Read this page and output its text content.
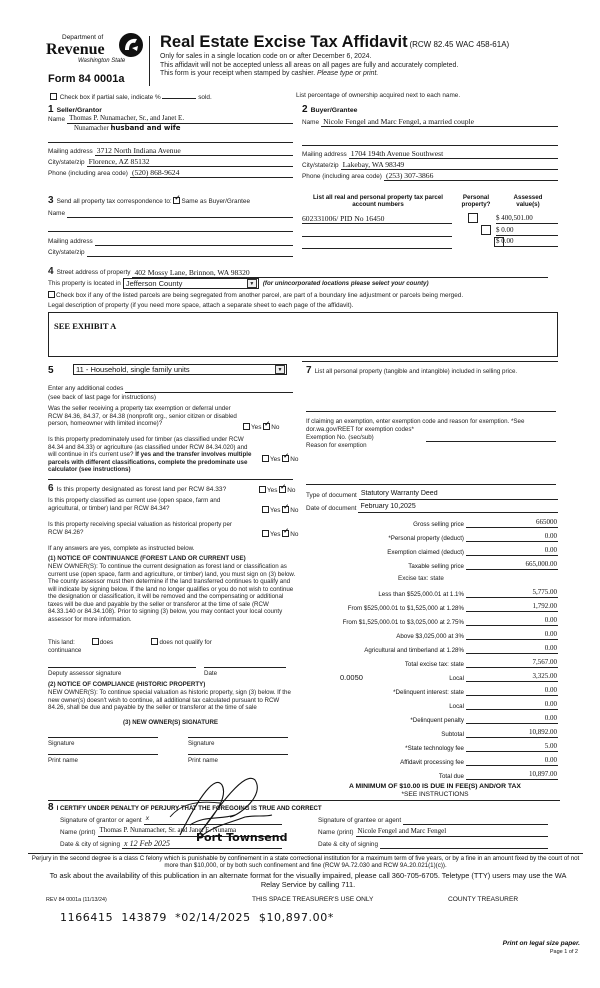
Department of
Revenue
Washington State
Form 84 0001a
Real Estate Excise Tax Affidavit (RCW 82.45 WAC 458-61A)
Only for sales in a single location code on or after December 6, 2024.
This affidavit will not be accepted unless all areas on all pages are fully and accurately completed.
This form is your receipt when stamped by cashier. Please type or print.
Check box if partial sale, indicate %	sold.	List percentage of ownership acquired next to each name.
1 Seller/Grantor
Name Thomas P. Nunamacher, Sr., and Janet E.
Nunamacher husband and wife
Mailing address 3712 North Indiana Avenue
City/state/zip Florence, AZ 85132
Phone (including area code) (520) 868-9624
2 Buyer/Grantee
Name Nicole Fengel and Marc Fengel, a married couple
Mailing address 1704 194th Avenue Southwest
City/state/zip Lakebay, WA 98349
Phone (including area code) (253) 307-3866
3 Send all property tax correspondence to: ✓ Same as Buyer/Grantee
Name
Mailing address
City/state/zip
List all real and personal property tax parcel account numbers
Personal property?
Assessed value(s)
602331006/ PID No 16450
	$ 400,501.00

$ 0.00
$ 0.00
4 Street address of property 402 Mossy Lane, Brinnon, WA 98320
This property is located in Jefferson County	▼	(for unincorporated locations please select your county)
Check box if any of the listed parcels are being segregated from another parcel, are part of a boundary line adjustment or parcels being merged.
Legal description of property (if you need more space, attach a separate sheet to each page of the affidavit).
SEE EXHIBIT A
5	11 - Household, single family units	▼
Enter any additional codes
(see back of last page for instructions)
Was the seller receiving a property tax exemption or deferral under RCW 84.36, 84.37, or 84.38 (nonprofit org., senior citizen or disabled person, homeowner with limited income)?
Yes ✓ No
Is this property predominately used for timber (as classified under RCW 84.34 and 84.33) or agriculture (as classified under RCW 84.34.020) and will continue in it's current use? If yes and the transfer involves multiple parcels with different classifications, complete the predominate use calculator (see instructions)
Yes ✓ No
6 Is this property designated as forest land per RCW 84.33?	Yes ✓ No
Is this property classified as current use (open space, farm and agricultural, or timber) land per RCW 84.34?	Yes ✓ No
Is this property receiving special valuation as historical property per RCW 84.26?	Yes ✓ No
If any answers are yes, complete as instructed below.
(1) NOTICE OF CONTINUANCE (FOREST LAND OR CURRENT USE)
NEW OWNER(S): To continue the current designation as forest land or classification as current use (open space, farm and agriculture, or timber) land, you must sign on (3) below. The county assessor must then determine if the land transferred continues to qualify and will indicate by signing below. If the land no longer qualifies or you do not wish to continue the designation or classification, it will be removed and the compensating or additional taxes will be due and payable by the seller or transferor at the time of sale (RCW 84.33.140 or 84.34.108). Prior to signing (3) below, you may contact your local county assessor for more information.
This land:	does	does not qualify for
continuance
Deputy assessor signature	Date
(2) NOTICE OF COMPLIANCE (HISTORIC PROPERTY)
NEW OWNER(S): To continue special valuation as historic property, sign (3) below. If the new owner(s) doesn't wish to continue, all additional tax calculated pursuant to RCW 84.26, shall be due and payable by the seller or transferor at the time of sale
(3) NEW OWNER(S) SIGNATURE
Signature	Signature
Print name	Print name
7 List all personal property (tangible and intangible) included in selling price.
If claiming an exemption, enter exemption code and reason for exemption. *See dor.wa.gov/REET for exemption codes*
Exemption No. (sec/sub)
Reason for exemption
Type of document Statutory Warranty Deed
Date of document February 10,2025
Gross selling price	665000
*Personal property (deduct)	0.00
Exemption claimed (deduct)	0.00
Taxable selling price	665,000.00
Excise tax: state
Less than $525,000.01 at 1.1%	5,775.00
From $525,000.01 to $1,525,000 at 1.28%	1,792.00
From $1,525,000.01 to $3,025,000 at 2.75%	0.00
Above $3,025,000 at 3%	0.00
Agricultural and timberland at 1.28%	0.00
Total excise tax: state	7,567.00
0.0050	Local	3,325.00
*Delinquent interest: state	0.00
Local	0.00
*Delinquent penalty	0.00
Subtotal	10,892.00
*State technology fee	5.00
Affidavit processing fee	0.00
Total due	10,897.00
A MINIMUM OF $10.00 IS DUE IN FEE(S) AND/OR TAX
*SEE INSTRUCTIONS
8 I CERTIFY UNDER PENALTY OF PERJURY THAT THE FOREGOING IS TRUE AND CORRECT
Signature of grantor or agent x
Name (print) Thomas P. Nunamacher, Sr. and Janet E. Nunama
Date & city of signing x 12 Feb 2025	Port Townsend
Signature of grantee or agent
Name (print) Nicole Fengel and Marc Fengel
Date & city of signing
Perjury in the second degree is a class C felony which is punishable by confinement in a state correctional institution for a maximum term of five years, or by a fine in an amount fixed by the court of not more than $10,000, or by both such confinement and fine (RCW 9A.72.030 and RCW 9A.20.021(1)(c)).
To ask about the availability of this publication in an alternate format for the visually impaired, please call 360-705-6705. Teletype (TTY) users may use the WA Relay Service by calling 711.
REV 84 0001a (11/13/24)	THIS SPACE TREASURER'S USE ONLY	COUNTY TREASURER
1166415  143879  *02/14/2025  $10,897.00*
Print on legal size paper.
Page 1 of 2
